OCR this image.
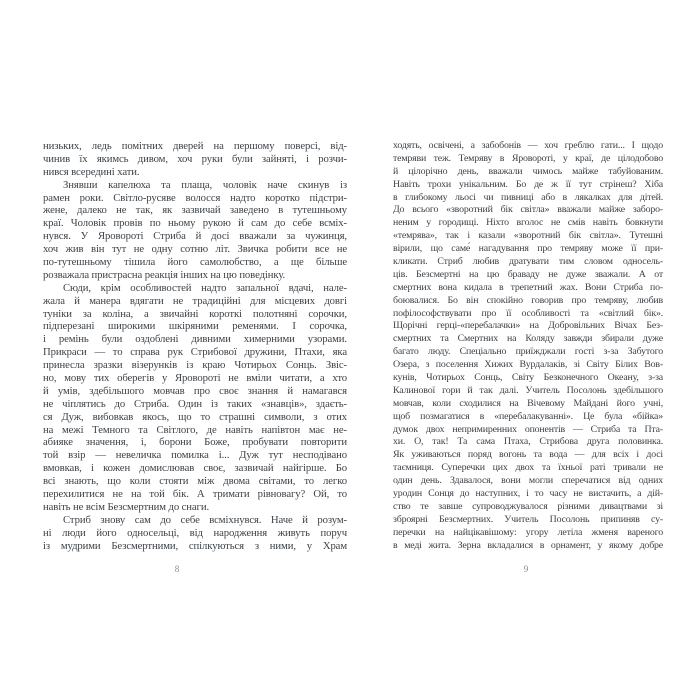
низьких, ледь помітних дверей на першому поверсі, від-
чинив їх якимсь дивом, хоч руки були зайняті, і розчи-
нився всередині хати.
Знявши капелюха та плаща, чоловік наче скинув із
рамен роки. Світло-русяве волосся надто коротко підстри-
жене, далеко не так, як зазвичай заведено в тутешньому
краї. Чоловік провів по ньому рукою й сам до себе всміх-
нувся. У Яровороті Стриба й досі вважали за чужинця,
хоч жив він тут не одну сотню літ. Звичка робити все не
по-тутешньому тішила його самолюбство, а ще більше
розважала пристрасна реакція інших на цю поведінку.
Сюди, крім особливостей надто запальної вдачі, нале-
жала й манера вдягати не традиційні для місцевих довгі
туніки за коліна, а звичайні короткі полотняні сорочки,
підперезані широкими шкіряними ременями. І сорочка,
і ремінь були оздоблені дивними химерними узорами.
Прикраси — то справа рук Стрибової дружини, Птахи, яка
принесла зразки візерунків із краю Чотирьох Сонць. Звіс-
но, мову тих оберегів у Яровороті не вміли читати, а хто
й умів, здебільшого мовчав про своє знання й намагався
не чіплятись до Стриба. Один із таких «знавців», здаєть-
ся Дуж, вибовкав якось, що то страшні символи, з отих
на межі Темного та Світлого, де навіть напівтон має не-
абияке значення, і, борони Боже, пробувати повторити
той взір — невеличка помилка і... Дуж тут несподівано
вмовкав, і кожен домислював своє, зазвичай найгірше. Бо
всі знають, що коли стояти між двома світами, то легко
перехилитися не на той бік. А тримати рівновагу? Ой, то
навіть не всім Безсмертним до снаги.
Стриб знову сам до себе всміхнувся. Наче й розум-
ні люди його односельці, від народження живуть поруч
із мудрими Безсмертними, спілкуються з ними, у Храм
ходять, освічені, а забобонів — хоч греблю гати... І щодо
темряви теж. Темряву в Яровороті, у краї, де цілодобово
й цілорічно день, вважали чимось майже табуйованим.
Навіть трохи унікальним. Бо де ж її тут стрінеш? Хіба
в глибокому льосі чи пивниці або в лякалках для дітей.
До всього «зворотний бік світла» вважали майже заборо-
неним у городищі. Ніхто вголос не смів навіть бовкнути
«темрява», так і казали «зворотний бік світла». Тутешні
вірили, що саме́ нагадування про темряву може її при-
кликати. Стриб любив дратувати тим словом односель-
ців. Безсмертні на цю браваду не дуже зважали. А от
смертних вона кидала в трепетний жах. Вони Стриба по-
боювалися. Бо він спокійно говорив про темряву, любив
пофілософствувати про її особливості та «світлий бік».
Щорічні герці-«перебалачки» на Добровільних Вічах Без-
смертних та Смертних на Коляду завжди збирали дуже
багато люду. Спеціально приїжджали гості з-за Забутого
Озера, з поселення Хижих Вурдалаків, зі Світу Білих Вов-
кунів, Чотирьох Сонць, Світу Безконечного Океану, з-за
Калинової гори й так далі. Учитель Посолонь здебільшого
мовчав, коли сходилися на Вічевому Майдані його учні,
щоб позмагатися в «перебалакуванні». Це була «бійка»
думок двох непримиренних опонентів — Стриба та Пта-
хи. О, так! Та сама Птаха, Стрибова друга половинка.
Як уживаються поряд вогонь та вода — для всіх і досі
таємниця. Суперечки цих двох та їхньої раті тривали не
один день. Здавалося, вони могли сперечатися від одних
уродин Сонця до наступних, і то часу не вистачить, а дій-
ство те завше супроводжувалося різними дивацтвами зі
зброярні Безсмертних. Учитель Посолонь припиняв су-
перечки на найцікавішому: угору летіла жменя вареного
в меді жита. Зерна вкладалися в орнамент, у якому добре
8	9
